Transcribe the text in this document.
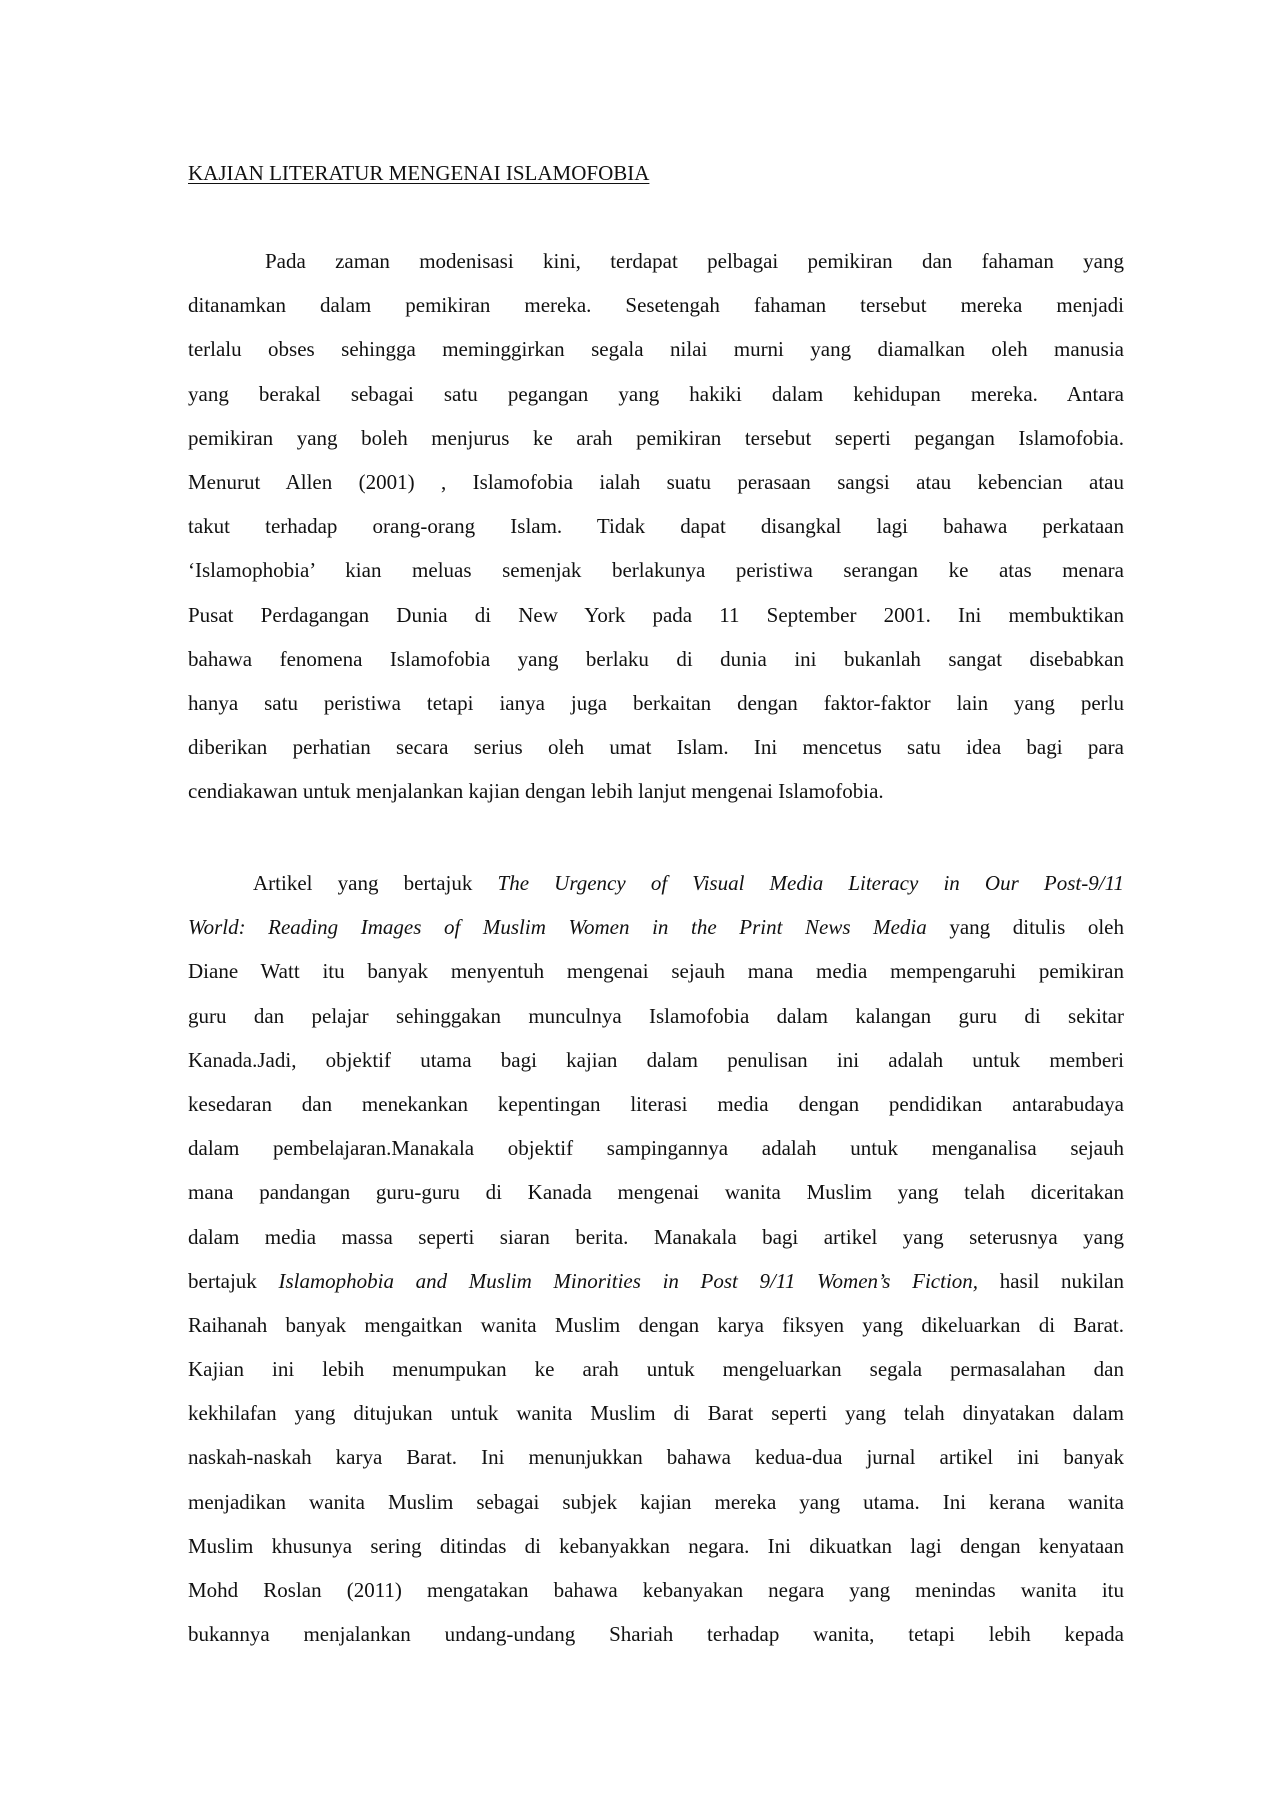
KAJIAN LITERATUR MENGENAI ISLAMOFOBIA
Pada zaman modenisasi kini, terdapat pelbagai pemikiran dan fahaman yang
ditanamkan dalam pemikiran mereka. Sesetengah fahaman tersebut mereka menjadi
terlalu obses sehingga meminggirkan segala nilai murni yang diamalkan oleh manusia
yang berakal sebagai satu pegangan yang hakiki dalam kehidupan mereka. Antara
pemikiran yang boleh menjurus ke arah pemikiran tersebut seperti pegangan Islamofobia.
Menurut Allen (2001) , Islamofobia ialah suatu perasaan sangsi atau kebencian atau
takut terhadap orang-orang Islam. Tidak dapat disangkal lagi bahawa perkataan
‘Islamophobia’ kian meluas semenjak berlakunya peristiwa serangan ke atas menara
Pusat Perdagangan Dunia di New York pada 11 September 2001. Ini membuktikan
bahawa fenomena Islamofobia yang berlaku di dunia ini bukanlah sangat disebabkan
hanya satu peristiwa tetapi ianya juga berkaitan dengan faktor-faktor lain yang perlu
diberikan perhatian secara serius oleh umat Islam. Ini mencetus satu idea bagi para
cendiakawan untuk menjalankan kajian dengan lebih lanjut mengenai Islamofobia.
Artikel yang bertajuk The Urgency of Visual Media Literacy in Our Post-9/11
World: Reading Images of Muslim Women in the Print News Media yang ditulis oleh
Diane Watt itu banyak menyentuh mengenai sejauh mana media mempengaruhi pemikiran
guru dan pelajar sehinggakan munculnya Islamofobia dalam kalangan guru di sekitar
Kanada.Jadi, objektif utama bagi kajian dalam penulisan ini adalah untuk memberi
kesedaran dan menekankan kepentingan literasi media dengan pendidikan antarabudaya
dalam pembelajaran.Manakala objektif sampingannya adalah untuk menganalisa sejauh
mana pandangan guru-guru di Kanada mengenai wanita Muslim yang telah diceritakan
dalam media massa seperti siaran berita. Manakala bagi artikel yang seterusnya yang
bertajuk Islamophobia and Muslim Minorities in Post 9/11 Women’s Fiction, hasil nukilan
Raihanah banyak mengaitkan wanita Muslim dengan karya fiksyen yang dikeluarkan di Barat.
Kajian ini lebih menumpukan ke arah untuk mengeluarkan segala permasalahan dan
kekhilafan yang ditujukan untuk wanita Muslim di Barat seperti yang telah dinyatakan dalam
naskah-naskah karya Barat. Ini menunjukkan bahawa kedua-dua jurnal artikel ini banyak
menjadikan wanita Muslim sebagai subjek kajian mereka yang utama. Ini kerana wanita
Muslim khusunya sering ditindas di kebanyakkan negara. Ini dikuatkan lagi dengan kenyataan
Mohd Roslan (2011) mengatakan bahawa kebanyakan negara yang menindas wanita itu
bukannya menjalankan undang-undang Shariah terhadap wanita, tetapi lebih kepada
